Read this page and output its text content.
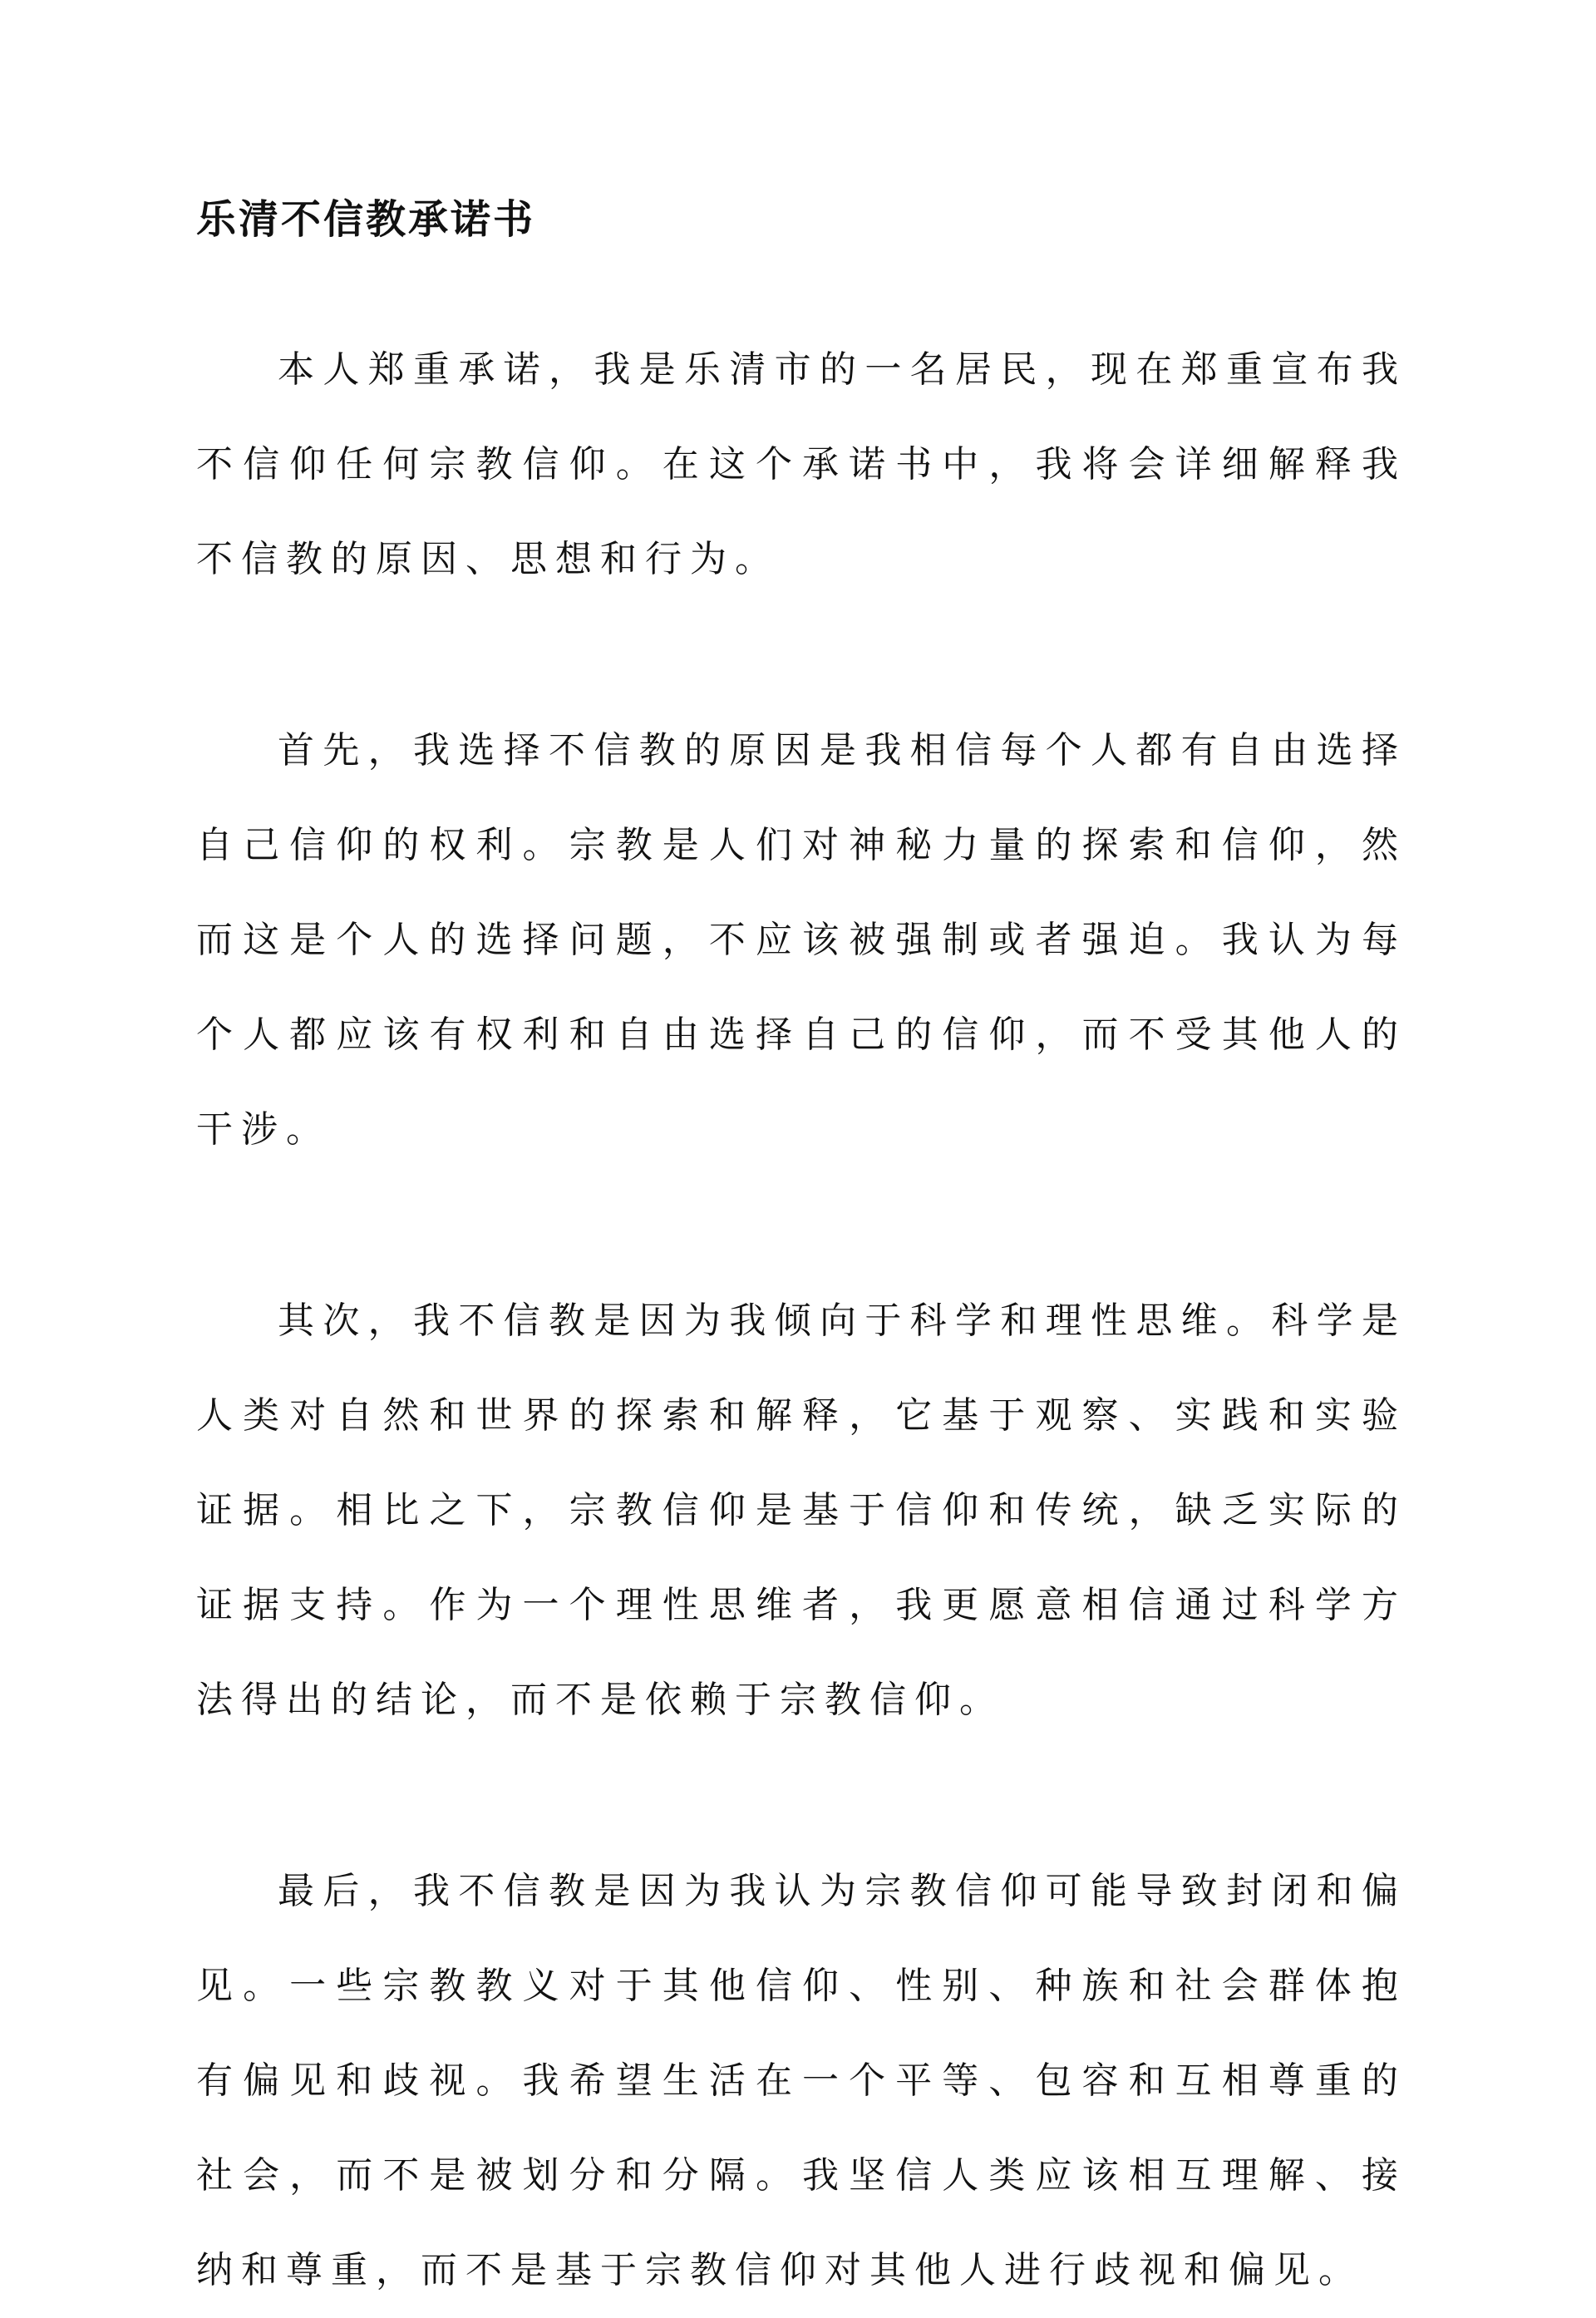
乐清不信教承诺书

本人郑重承诺，我是乐清市的一名居民，现在郑重宣布我不信仰任何宗教信仰。在这个承诺书中，我将会详细解释我不信教的原因、思想和行为。

首先，我选择不信教的原因是我相信每个人都有自由选择自己信仰的权利。宗教是人们对神秘力量的探索和信仰，然而这是个人的选择问题，不应该被强制或者强迫。我认为每个人都应该有权利和自由选择自己的信仰，而不受其他人的干涉。

其次，我不信教是因为我倾向于科学和理性思维。科学是人类对自然和世界的探索和解释，它基于观察、实践和实验证据。相比之下，宗教信仰是基于信仰和传统，缺乏实际的证据支持。作为一个理性思维者，我更愿意相信通过科学方法得出的结论，而不是依赖于宗教信仰。

最后，我不信教是因为我认为宗教信仰可能导致封闭和偏见。一些宗教教义对于其他信仰、性别、种族和社会群体抱有偏见和歧视。我希望生活在一个平等、包容和互相尊重的社会，而不是被划分和分隔。我坚信人类应该相互理解、接纳和尊重，而不是基于宗教信仰对其他人进行歧视和偏见。
